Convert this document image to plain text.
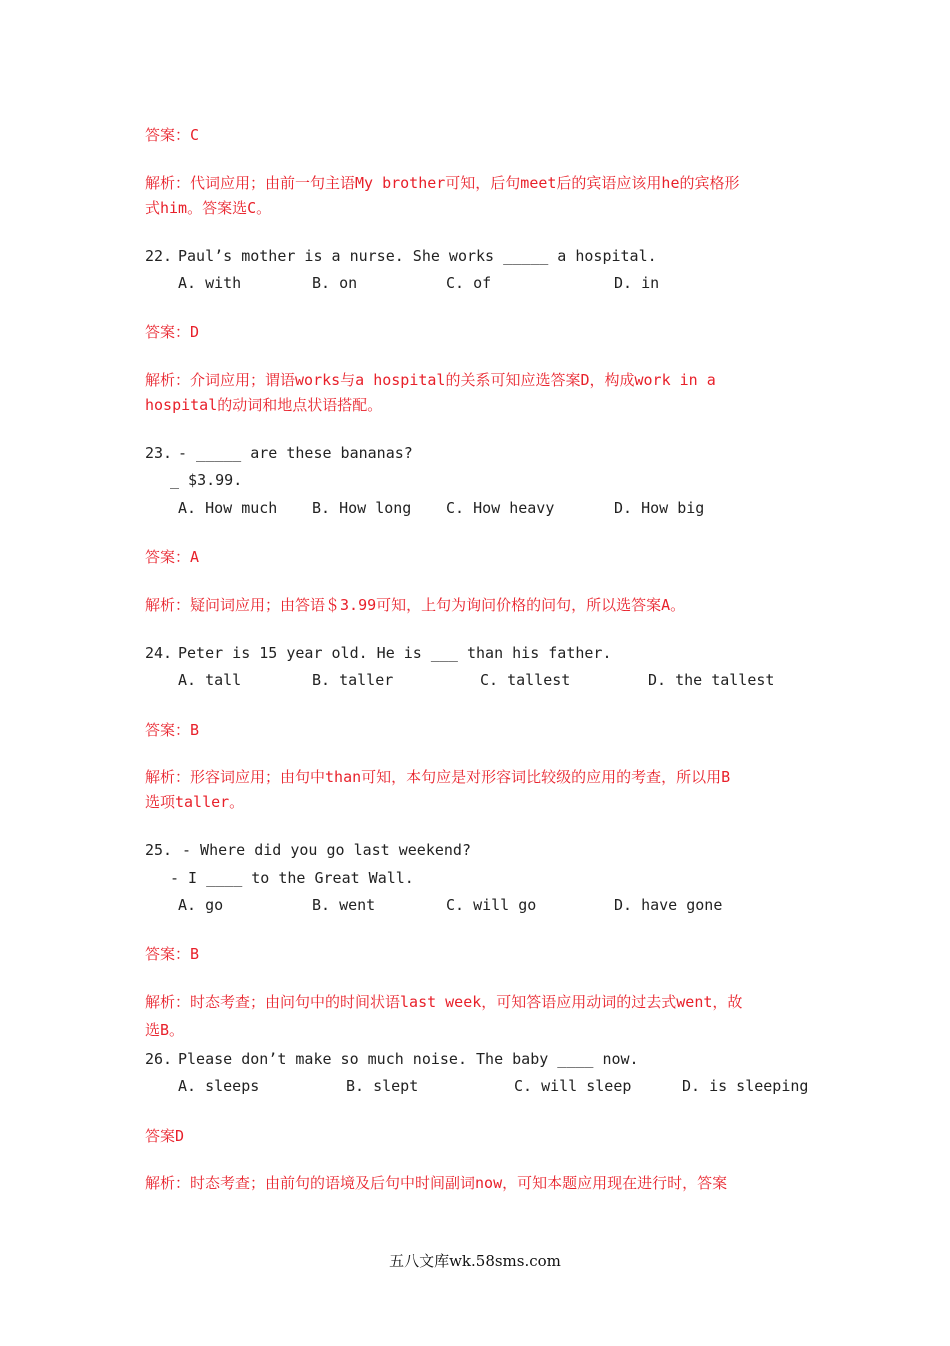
答案：C
解析：代词应用；由前一句主语My brother可知，后句meet后的宾语应该用he的宾格形
式him。答案选C。
22. Paul’s mother is a nurse. She works _____ a hospital.
A. with	B. on	C. of	D. in
答案：D
解析：介词应用；谓语works与a hospital的关系可知应选答案D，构成work in a
hospital的动词和地点状语搭配。
23. - _____ are these bananas?
_ $3.99.
A. How much B. How long C. How heavy	D. How big
答案：A
解析：疑问词应用；由答语＄3.99可知，上句为询问价格的问句，所以选答案A。
24. Peter is 15 year old. He is ___ than his father.
A. tall	B. taller	C. tallest	D. the tallest
答案：B
解析：形容词应用；由句中than可知，本句应是对形容词比较级的应用的考查，所以用B
选项taller。
25. - Where did you go last weekend?
- I ____ to the Great Wall.
A. go	B. went	C. will go	D. have gone
答案：B
解析：时态考查；由问句中的时间状语last week，可知答语应用动词的过去式went，故
选B。
26. Please don’t make so much noise. The baby ____ now.
A. sleeps	B. slept	C. will sleep	D. is sleeping
答案D
解析：时态考查；由前句的语境及后句中时间副词now，可知本题应用现在进行时，答案
五八文库wk.58sms.com
